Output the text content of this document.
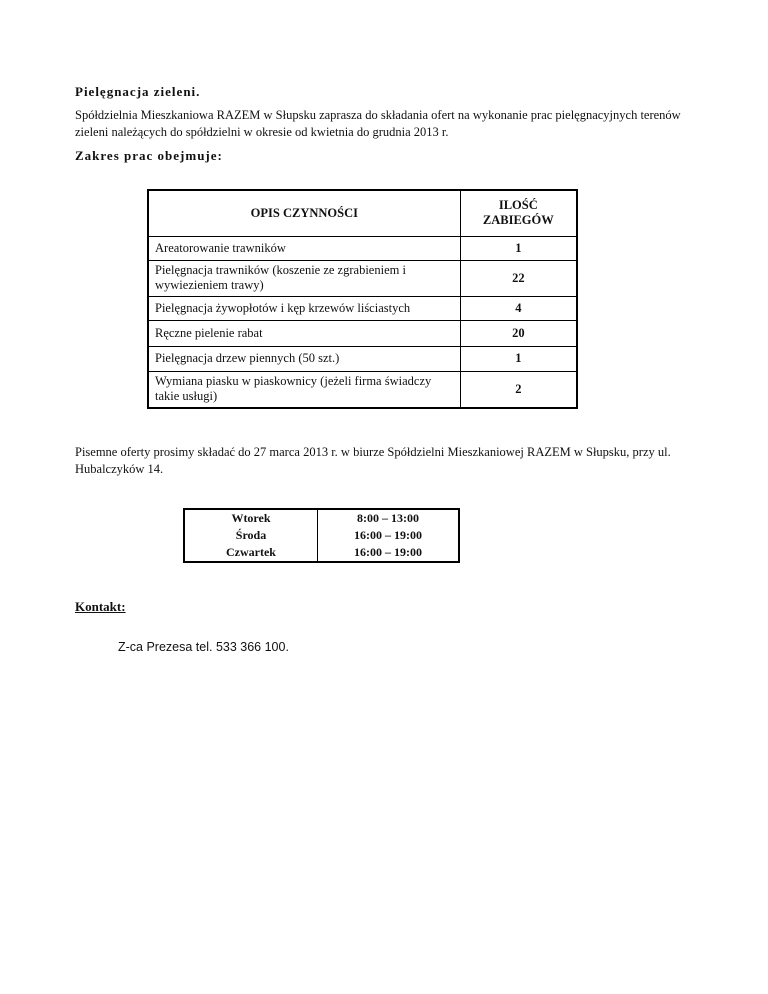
Pielęgnacja zieleni.
Spółdzielnia Mieszkaniowa RAZEM w Słupsku zaprasza do składania ofert na wykonanie prac pielęgnacyjnych terenów zieleni należących do spółdzielni w okresie od kwietnia do grudnia 2013 r.
Zakres prac obejmuje:
OPIS CZYNNOŚCI	ILOŚĆ ZABIEGÓW
Areatorowanie trawników	1
Pielęgnacja trawników (koszenie ze zgrabieniem i wywiezieniem trawy)	22
Pielęgnacja żywopłotów i kęp krzewów liściastych	4
Ręczne pielenie rabat	20
Pielęgnacja drzew piennych (50 szt.)	1
Wymiana piasku w piaskownicy (jeżeli firma świadczy takie usługi)	2
Pisemne oferty prosimy składać do 27 marca 2013 r. w biurze Spółdzielni Mieszkaniowej RAZEM w Słupsku, przy ul. Hubalczyków 14.
Wtorek	8:00 – 13:00
Środa	16:00 – 19:00
Czwartek	16:00 – 19:00
Kontakt:
Z-ca Prezesa tel. 533 366 100.
